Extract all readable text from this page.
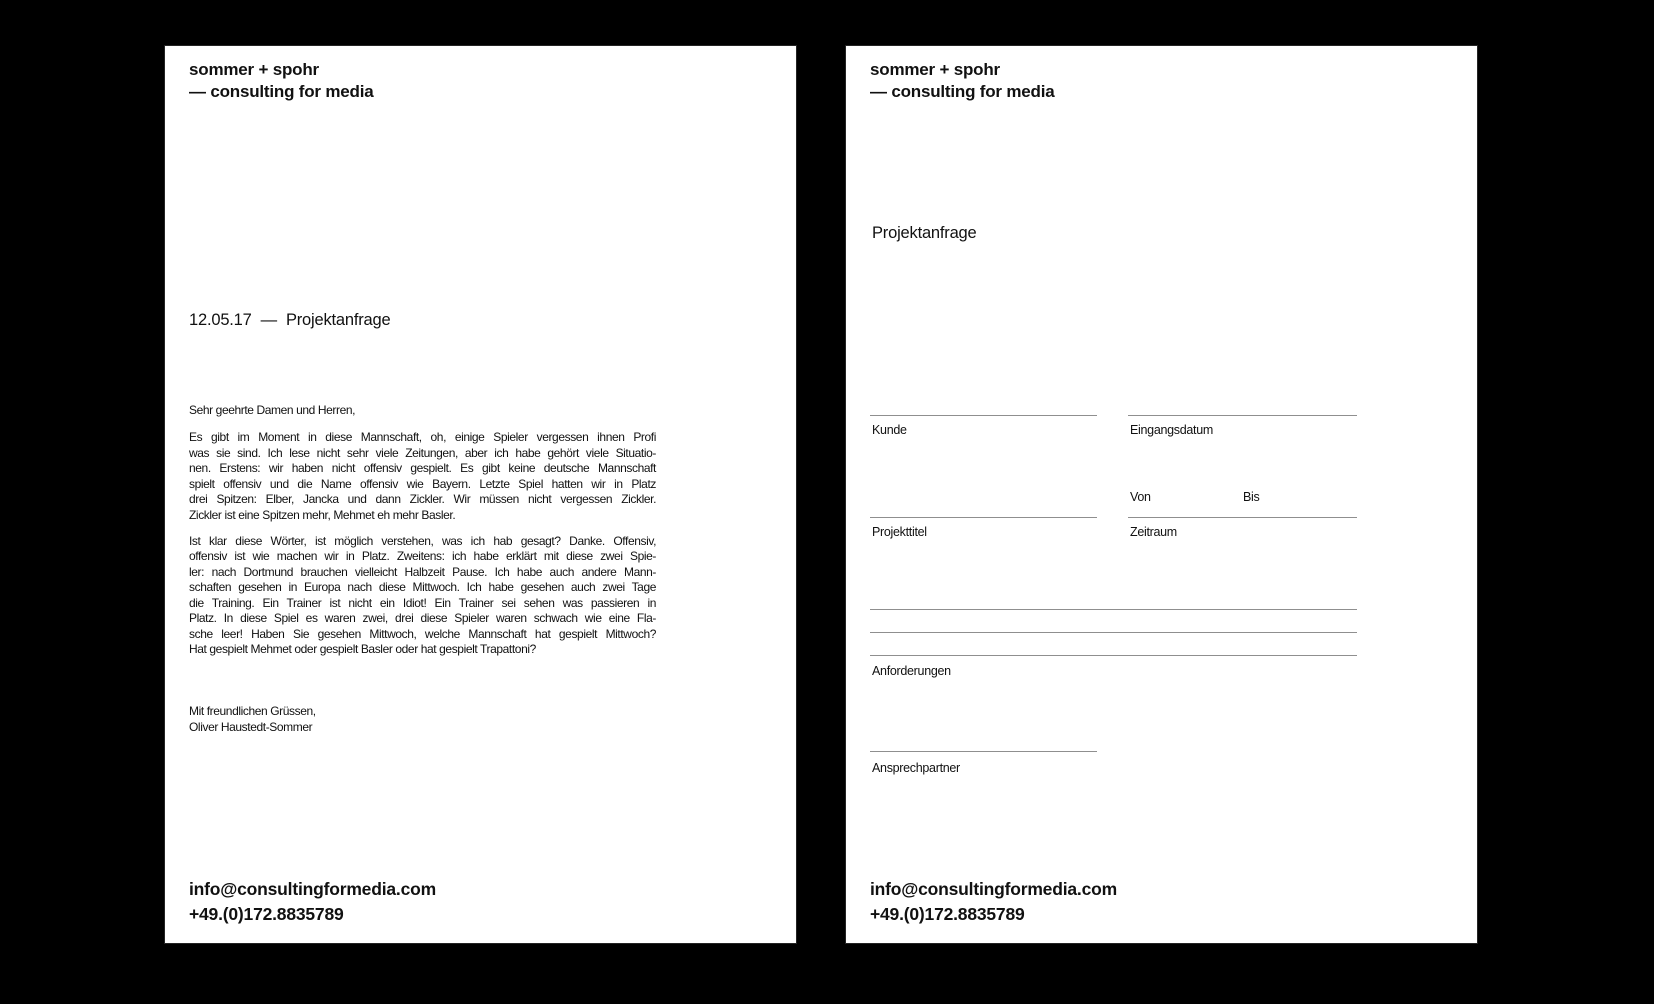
sommer + spohr
— consulting for media
12.05.17 — Projektanfrage
Sehr geehrte Damen und Herren,
Es gibt im Moment in diese Mannschaft, oh, einige Spieler vergessen ihnen Profi
was sie sind. Ich lese nicht sehr viele Zeitungen, aber ich habe gehört viele Situatio-
nen. Erstens: wir haben nicht offensiv gespielt. Es gibt keine deutsche Mannschaft
spielt offensiv und die Name offensiv wie Bayern. Letzte Spiel hatten wir in Platz
drei Spitzen: Elber, Jancka und dann Zickler. Wir müssen nicht vergessen Zickler.
Zickler ist eine Spitzen mehr, Mehmet eh mehr Basler.
Ist klar diese Wörter, ist möglich verstehen, was ich hab gesagt? Danke. Offensiv,
offensiv ist wie machen wir in Platz. Zweitens: ich habe erklärt mit diese zwei Spie-
ler: nach Dortmund brauchen vielleicht Halbzeit Pause. Ich habe auch andere Mann-
schaften gesehen in Europa nach diese Mittwoch. Ich habe gesehen auch zwei Tage
die Training. Ein Trainer ist nicht ein Idiot! Ein Trainer sei sehen was passieren in
Platz. In diese Spiel es waren zwei, drei diese Spieler waren schwach wie eine Fla-
sche leer! Haben Sie gesehen Mittwoch, welche Mannschaft hat gespielt Mittwoch?
Hat gespielt Mehmet oder gespielt Basler oder hat gespielt Trapattoni?
Mit freundlichen Grüssen,
Oliver Haustedt-Sommer
info@consultingformedia.com
+49.(0)172.8835789
sommer + spohr
— consulting for media
Projektanfrage
Kunde	Eingangsdatum
Von	Bis
Projekttitel	Zeitraum
Anforderungen
Ansprechpartner
info@consultingformedia.com
+49.(0)172.8835789
